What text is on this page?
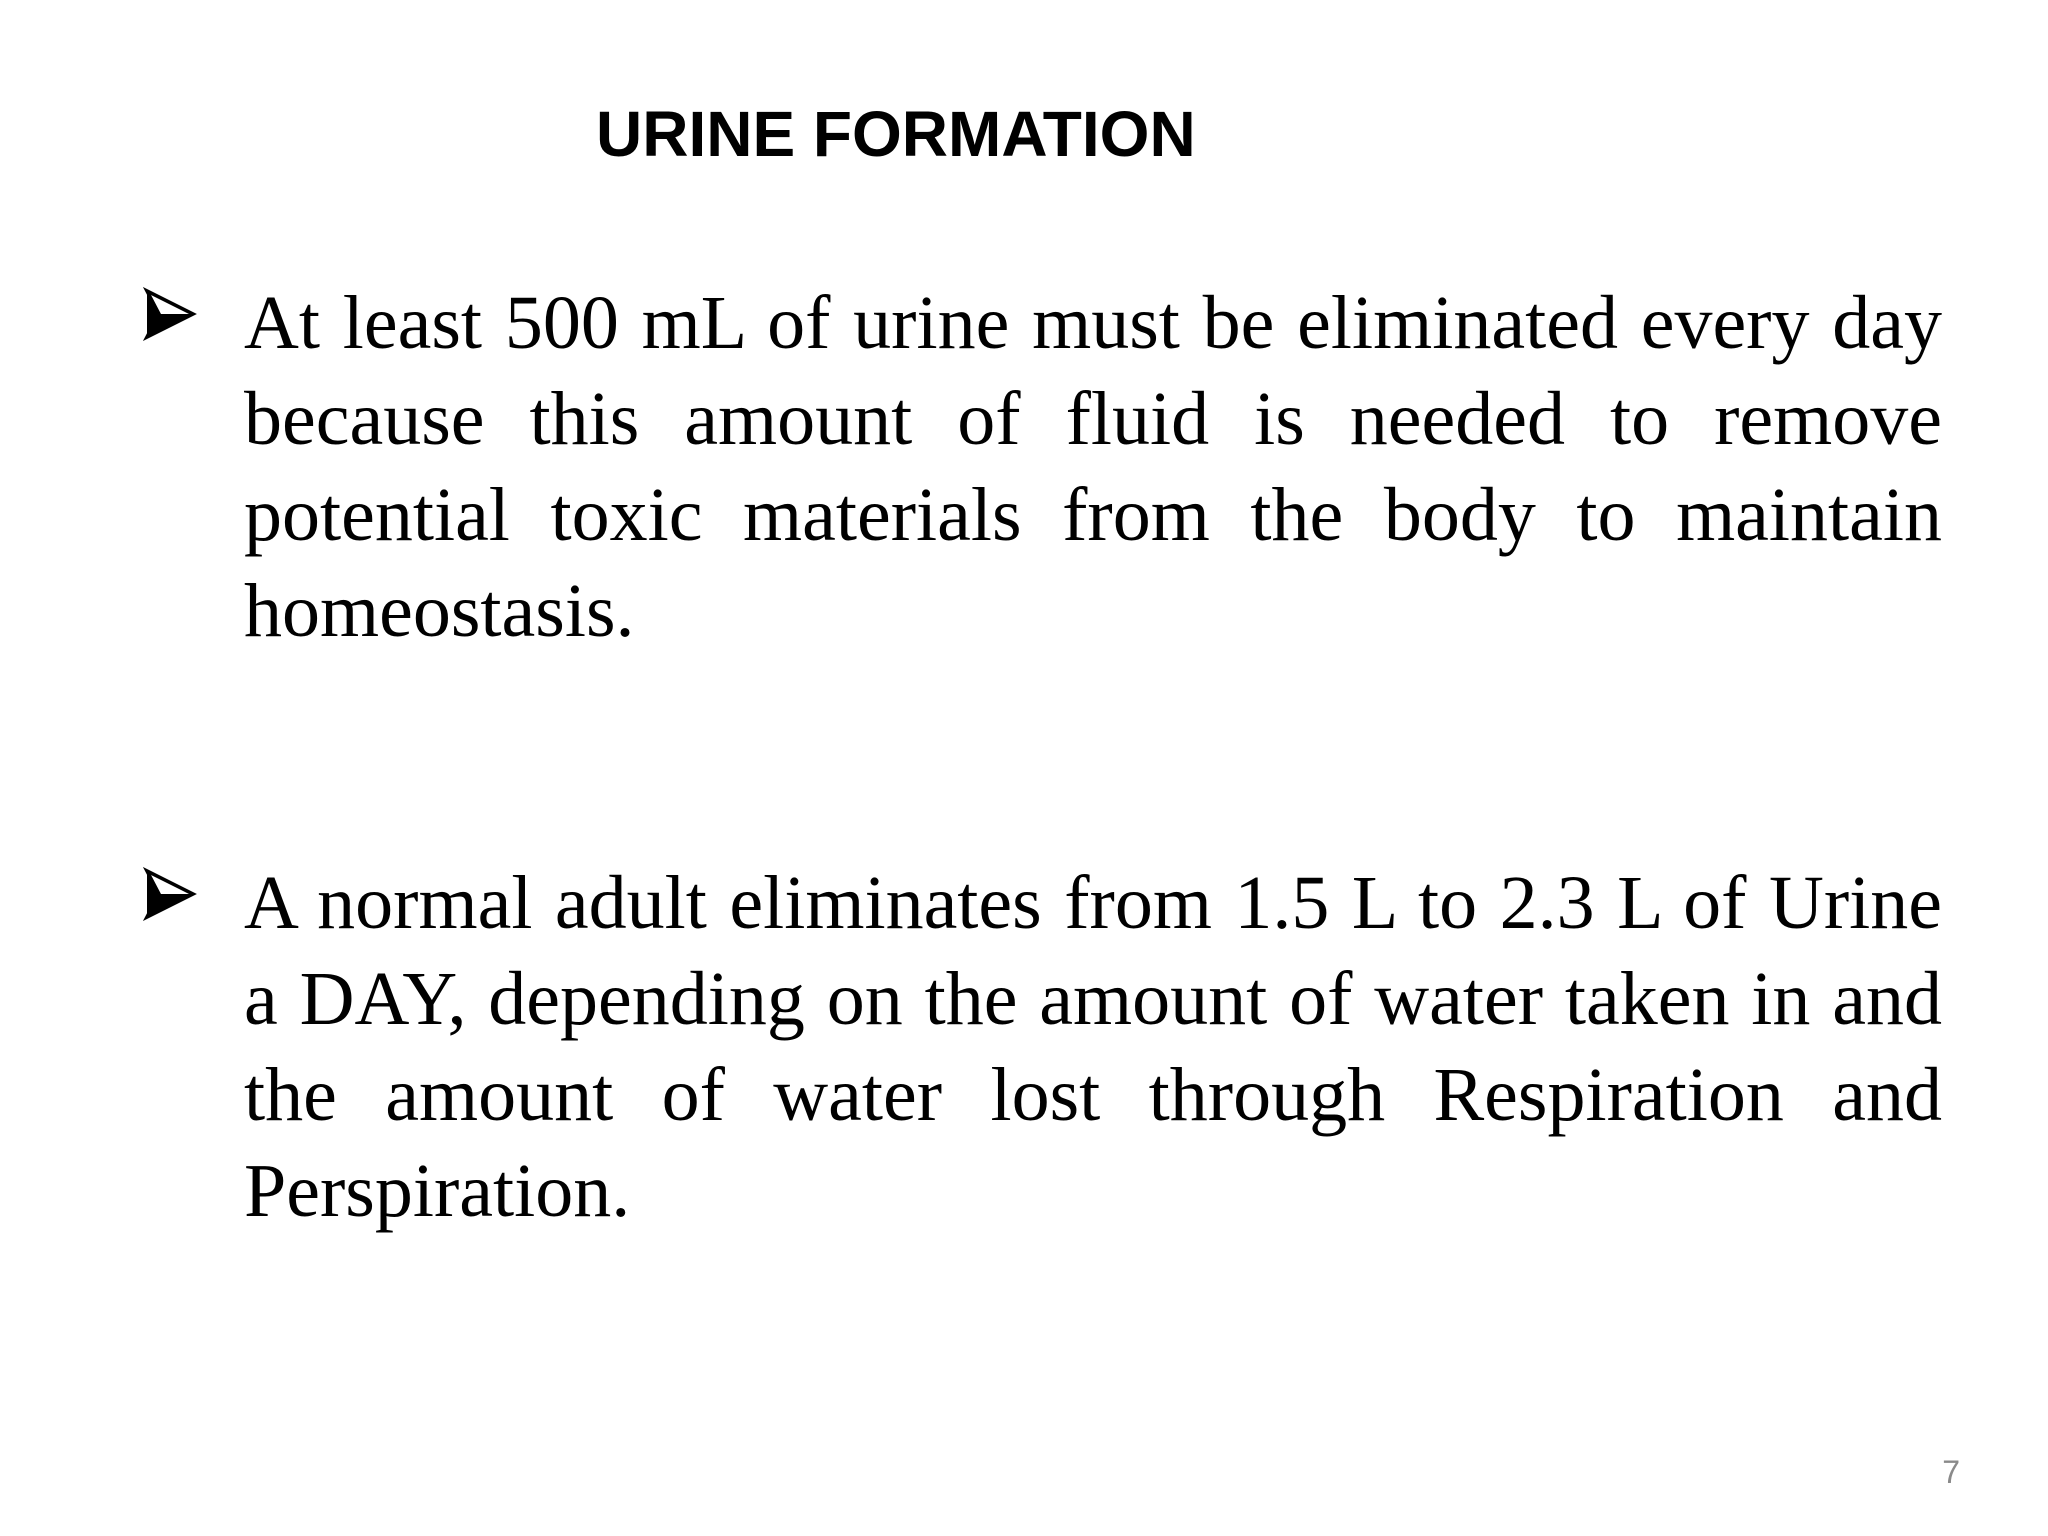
URINE FORMATION

At least 500 mL of urine must be eliminated every day because this amount of fluid is needed to remove potential toxic materials from the body to maintain homeostasis.

A normal adult eliminates from 1.5 L to 2.3 L of Urine a DAY, depending on the amount of water taken in and the amount of water lost through Respiration and Perspiration.

7
